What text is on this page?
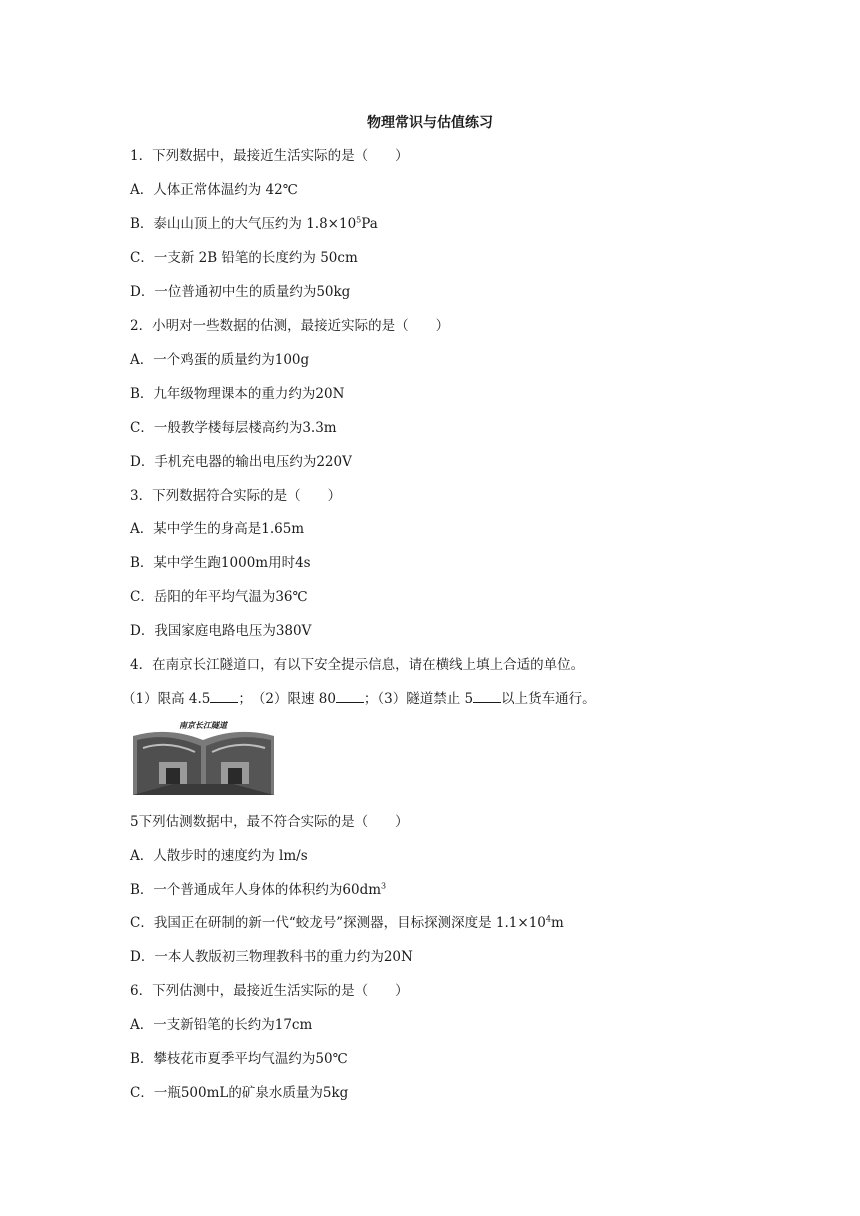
物理常识与估值练习
1．下列数据中，最接近生活实际的是（　　）
A．人体正常体温约为 42℃
B．泰山山顶上的大气压约为 $1.8\times 10^5Pa$
C．一支新 2B 铅笔的长度约为 50cm
D．一位普通初中生的质量约为50kg
2．小明对一些数据的估测，最接近实际的是（　　）
A．一个鸡蛋的质量约为100g
B．九年级物理课本的重力约为20N
C．一般教学楼每层楼高约为3.3m
D．手机充电器的输出电压约为220V
3．下列数据符合实际的是（　　）
A．某中学生的身高是1.65m
B．某中学生跑1000m用时4s
C．岳阳的年平均气温为36℃
D．我国家庭电路电压为380V
4．在南京长江隧道口，有以下安全提示信息，请在横线上填上合适的单位。
（1）限高 4.5 ；　（2）限速 80 ；（3）隧道禁止 5 以上货车通行。
南京长江隧道
5下列估测数据中，最不符合实际的是（　　）
A．人散步时的速度约为 lm/s
B．一个普通成年人身体的体积约为$60dm^3$
C．我国正在研制的新一代“蛟龙号”探测器，目标探测深度是 $1.1\times 10^4m$
D．一本人教版初三物理教科书的重力约为20N
6．下列估测中，最接近生活实际的是（　　）
A．一支新铅笔的长约为17cm
B．攀枝花市夏季平均气温约为50℃
C．一瓶500mL的矿泉水质量为5kg
